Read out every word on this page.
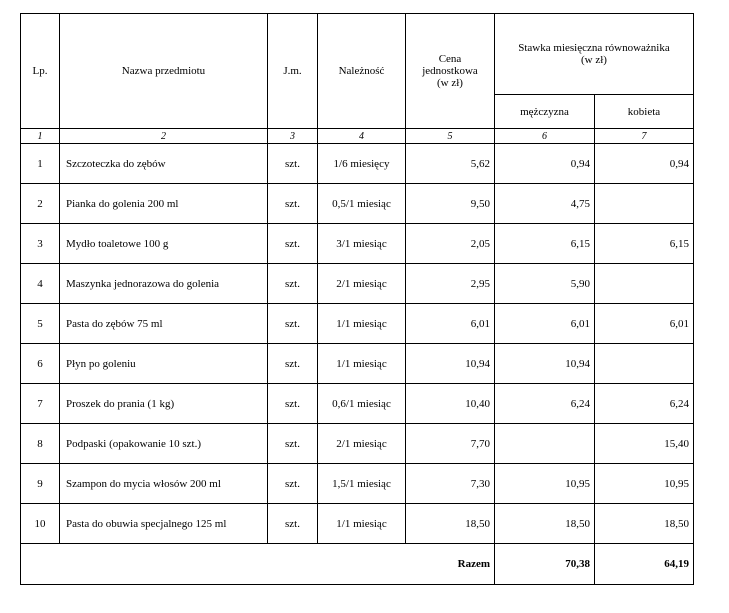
Lp.	Nazwa przedmiotu	J.m.	Należność	Cena
jednostkowa
(w zł)	Stawka miesięczna równoważnika
(w zł)	
					mężczyzna	kobieta
1	2	3	4	5	6	7
1	Szczoteczka do zębów	szt.	1/6 miesięcy	5,62	0,94	0,94
2	Pianka do golenia 200 ml	szt.	0,5/1 miesiąc	9,50	4,75	
3	Mydło toaletowe 100 g	szt.	3/1 miesiąc	2,05	6,15	6,15
4	Maszynka jednorazowa do golenia	szt.	2/1 miesiąc	2,95	5,90	
5	Pasta do zębów 75 ml	szt.	1/1 miesiąc	6,01	6,01	6,01
6	Płyn po goleniu	szt.	1/1 miesiąc	10,94	10,94	
7	Proszek do prania (1 kg)	szt.	0,6/1 miesiąc	10,40	6,24	6,24
8	Podpaski (opakowanie 10 szt.)	szt.	2/1 miesiąc	7,70		15,40
9	Szampon do mycia włosów 200 ml	szt.	1,5/1 miesiąc	7,30	10,95	10,95
10	Pasta do obuwia specjalnego 125 ml	szt.	1/1 miesiąc	18,50	18,50	18,50
Razem					70,38	64,19
